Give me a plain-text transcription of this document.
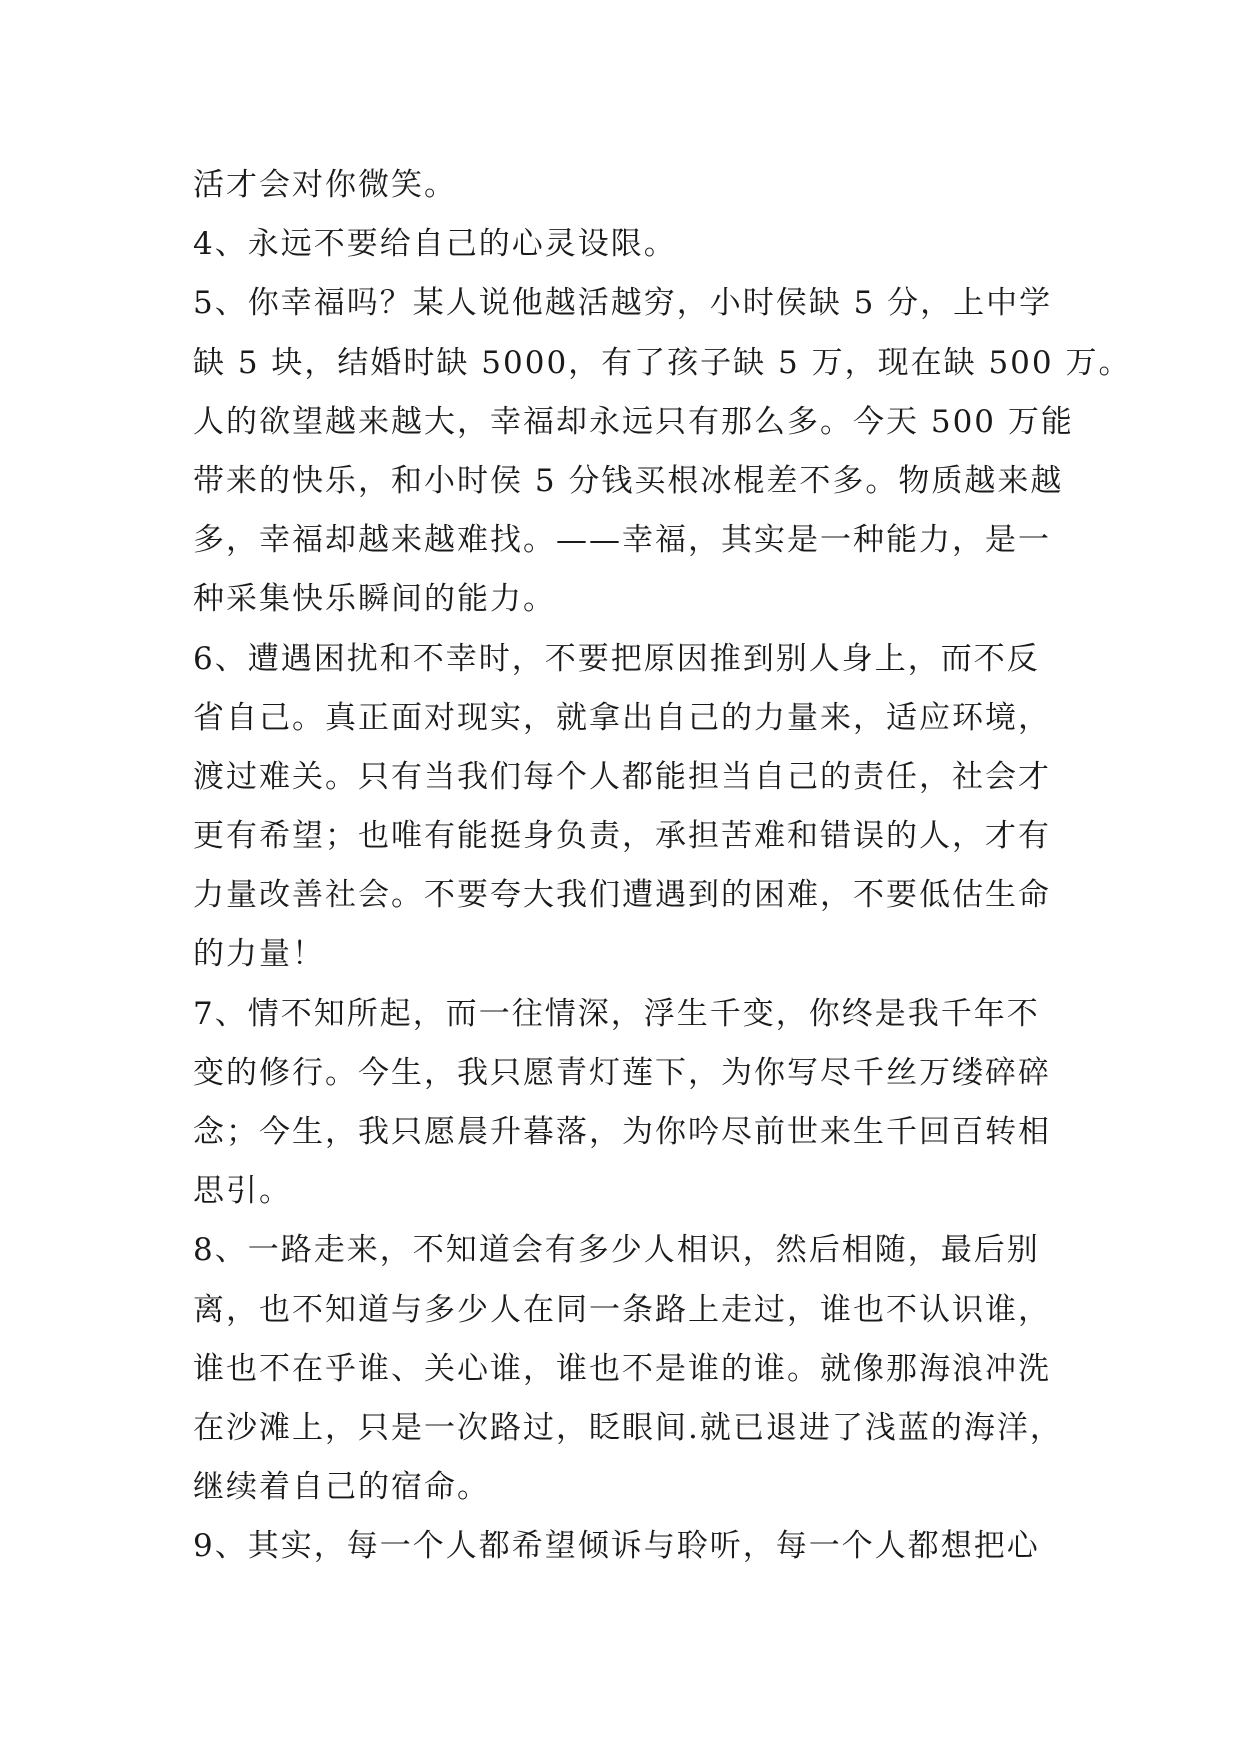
活才会对你微笑。
4、永远不要给自己的心灵设限。
5、你幸福吗？某人说他越活越穷，小时侯缺 5 分，上中学
缺 5 块，结婚时缺 5000，有了孩子缺 5 万，现在缺 500 万。
人的欲望越来越大，幸福却永远只有那么多。今天 500 万能
带来的快乐，和小时侯 5 分钱买根冰棍差不多。物质越来越
多，幸福却越来越难找。——幸福，其实是一种能力，是一
种采集快乐瞬间的能力。
6、遭遇困扰和不幸时，不要把原因推到别人身上，而不反
省自己。真正面对现实，就拿出自己的力量来，适应环境，
渡过难关。只有当我们每个人都能担当自己的责任，社会才
更有希望；也唯有能挺身负责，承担苦难和错误的人，才有
力量改善社会。不要夸大我们遭遇到的困难，不要低估生命
的力量！
7、情不知所起，而一往情深，浮生千变，你终是我千年不
变的修行。今生，我只愿青灯莲下，为你写尽千丝万缕碎碎
念；今生，我只愿晨升暮落，为你吟尽前世来生千回百转相
思引。
8、一路走来，不知道会有多少人相识，然后相随，最后别
离，也不知道与多少人在同一条路上走过，谁也不认识谁，
谁也不在乎谁、关心谁，谁也不是谁的谁。就像那海浪冲洗
在沙滩上，只是一次路过，眨眼间.就已退进了浅蓝的海洋，
继续着自己的宿命。
9、其实，每一个人都希望倾诉与聆听，每一个人都想把心
